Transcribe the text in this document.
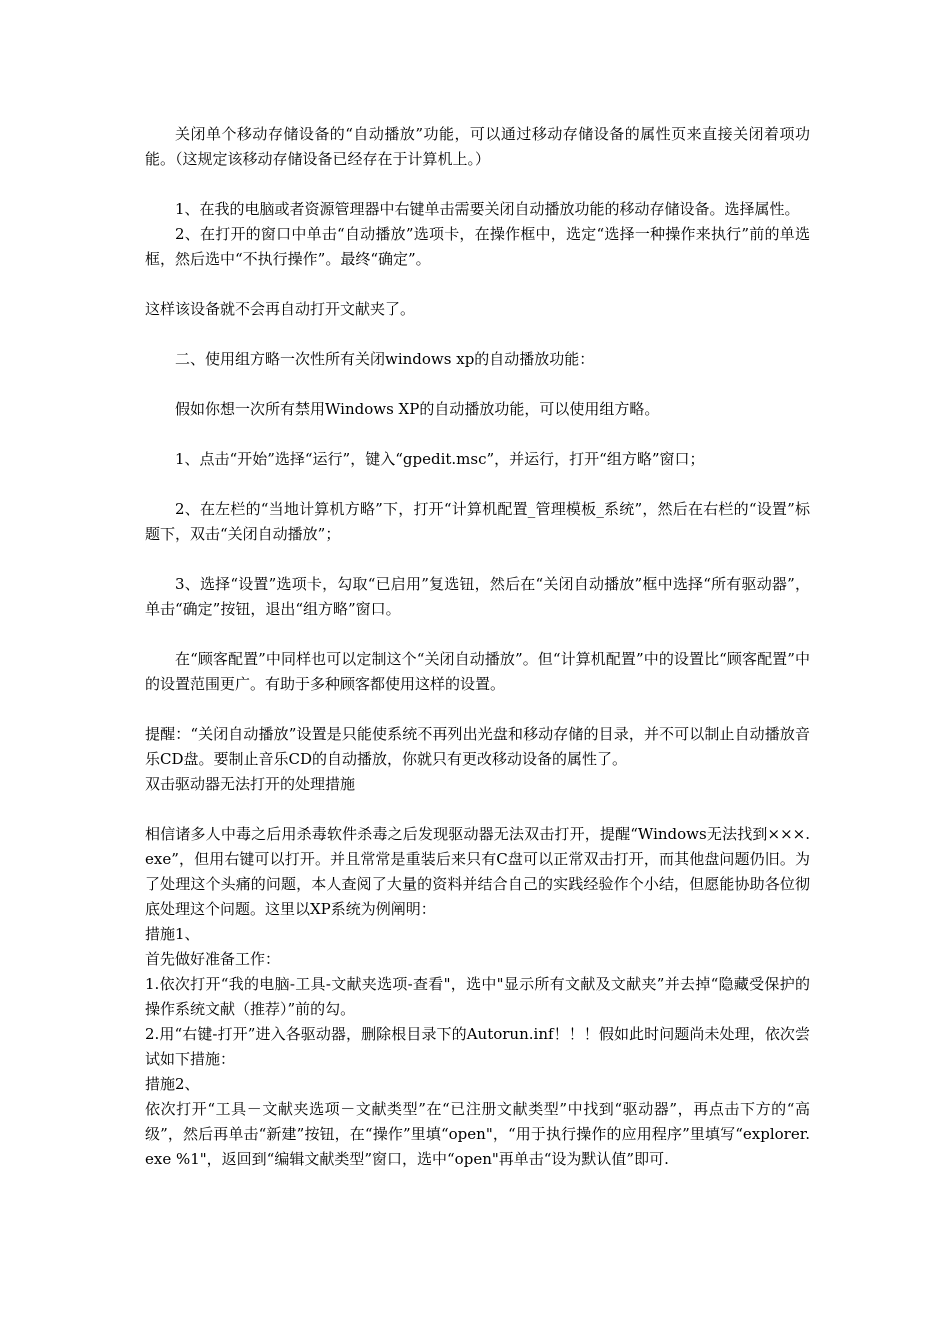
关闭单个移动存储设备的“自动播放”功能，可以通过移动存储设备的属性页来直接关闭着项功能。（这规定该移动存储设备已经存在于计算机上。）
1、在我的电脑或者资源管理器中右键单击需要关闭自动播放功能的移动存储设备。选择属性。
2、在打开的窗口中单击“自动播放”选项卡，在操作框中，选定“选择一种操作来执行”前的单选框，然后选中“不执行操作”。最终“确定”。
这样该设备就不会再自动打开文献夹了。
二、使用组方略一次性所有关闭windows xp的自动播放功能：
假如你想一次所有禁用Windows XP的自动播放功能，可以使用组方略。
1、点击“开始”选择“运行”，键入“gpedit.msc”，并运行，打开“组方略”窗口；
2、在左栏的“当地计算机方略”下，打开“计算机配置_管理模板_系统”，然后在右栏的“设置”标题下，双击“关闭自动播放”；
3、选择“设置”选项卡，勾取“已启用”复选钮，然后在“关闭自动播放”框中选择“所有驱动器”，单击“确定”按钮，退出“组方略”窗口。
在“顾客配置”中同样也可以定制这个“关闭自动播放”。但“计算机配置”中的设置比“顾客配置”中的设置范围更广。有助于多种顾客都使用这样的设置。
提醒：“关闭自动播放”设置是只能使系统不再列出光盘和移动存储的目录，并不可以制止自动播放音乐CD盘。要制止音乐CD的自动播放，你就只有更改移动设备的属性了。
双击驱动器无法打开的处理措施
相信诸多人中毒之后用杀毒软件杀毒之后发现驱动器无法双击打开，提醒“Windows无法找到×××.exe”，但用右键可以打开。并且常常是重装后来只有C盘可以正常双击打开，而其他盘问题仍旧。为了处理这个头痛的问题，本人查阅了大量的资料并结合自己的实践经验作个小结，但愿能协助各位彻底处理这个问题。这里以XP系统为例阐明：
措施1、
首先做好准备工作：
1.依次打开“我的电脑-工具-文献夹选项-查看"，选中"显示所有文献及文献夹”并去掉“隐藏受保护的操作系统文献（推荐）”前的勾。
2.用“右键-打开”进入各驱动器，删除根目录下的Autorun.inf！！！假如此时问题尚未处理，依次尝试如下措施：
措施2、
依次打开“工具－文献夹选项－文献类型”在“已注册文献类型”中找到“驱动器”，再点击下方的“高级”，然后再单击“新建”按钮，在“操作”里填“open"，“用于执行操作的应用程序”里填写“explorer.exe %1"，返回到“编辑文献类型”窗口，选中“open"再单击“设为默认值”即可.
